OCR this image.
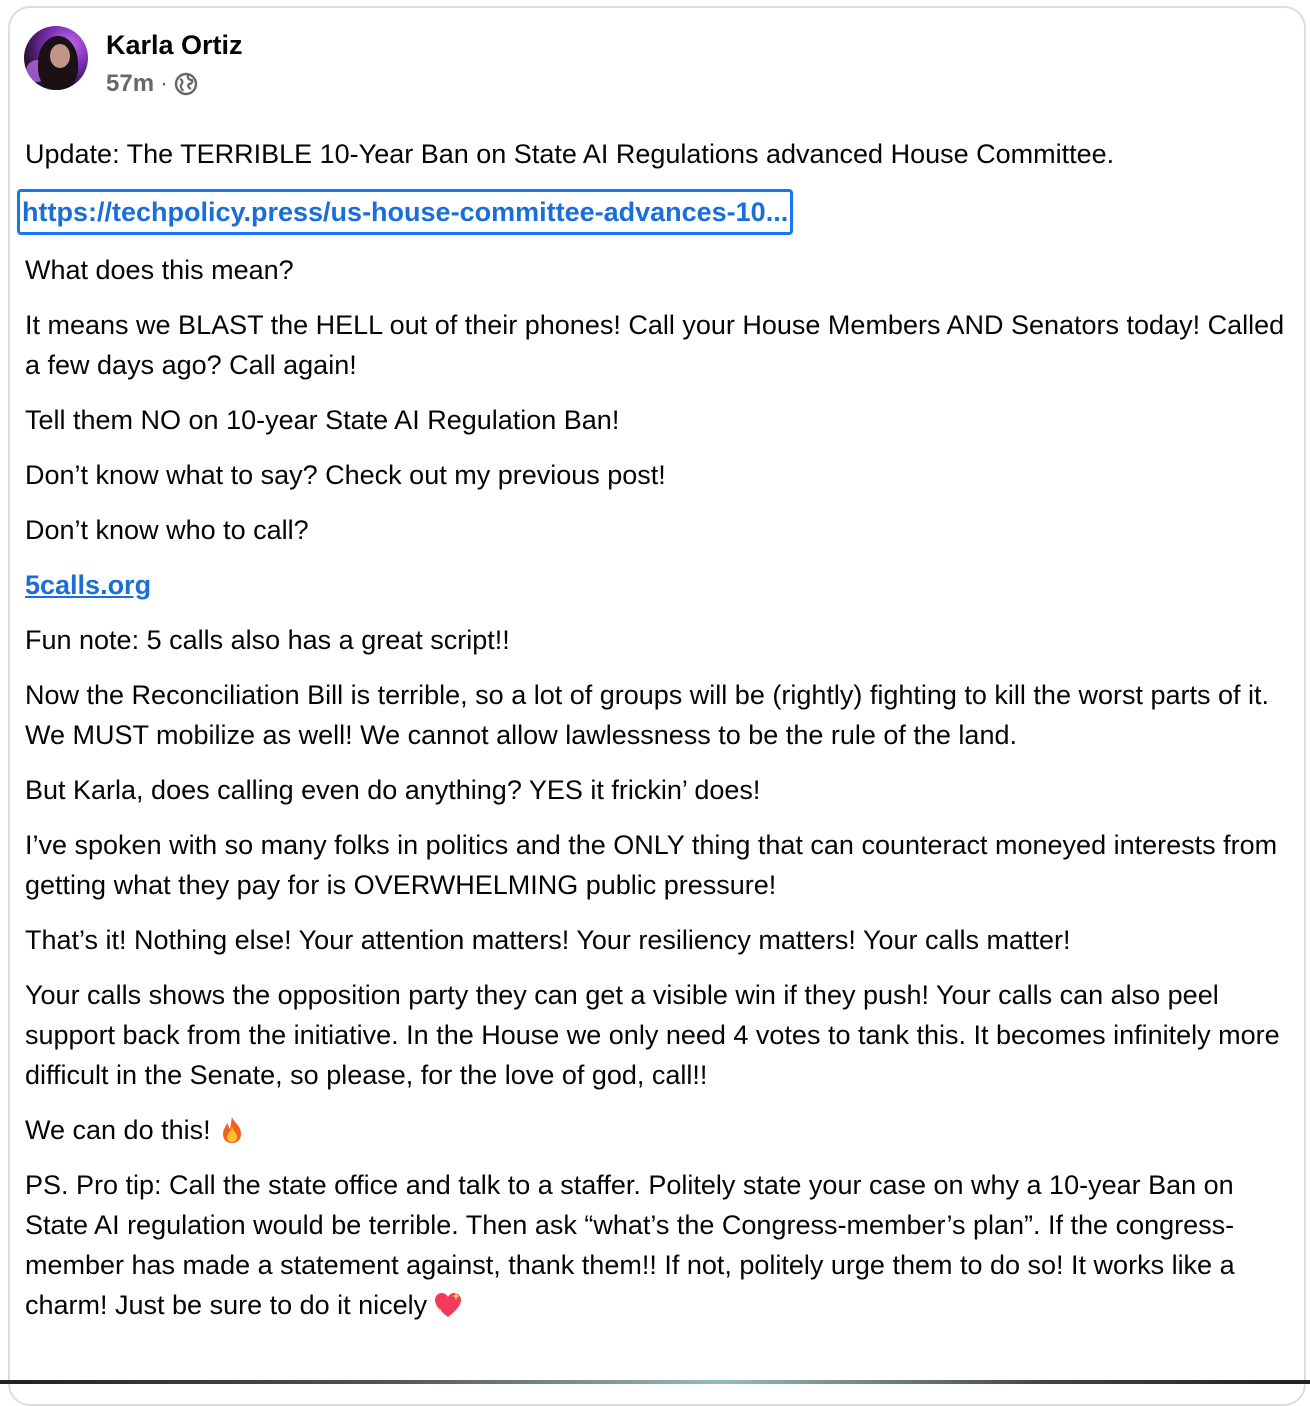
Karla Ortiz
57m ·

Update: The TERRIBLE 10-Year Ban on State AI Regulations advanced House Committee.

https://techpolicy.press/us-house-committee-advances-10...

What does this mean?

It means we BLAST the HELL out of their phones! Call your House Members AND Senators today! Called a few days ago? Call again!

Tell them NO on 10-year State AI Regulation Ban!

Don’t know what to say? Check out my previous post!

Don’t know who to call?

5calls.org

Fun note: 5 calls also has a great script!!

Now the Reconciliation Bill is terrible, so a lot of groups will be (rightly) fighting to kill the worst parts of it. We MUST mobilize as well! We cannot allow lawlessness to be the rule of the land.

But Karla, does calling even do anything? YES it frickin’ does!

I’ve spoken with so many folks in politics and the ONLY thing that can counteract moneyed interests from getting what they pay for is OVERWHELMING public pressure!

That’s it! Nothing else! Your attention matters! Your resiliency matters! Your calls matter!

Your calls shows the opposition party they can get a visible win if they push! Your calls can also peel support back from the initiative. In the House we only need 4 votes to tank this. It becomes infinitely more difficult in the Senate, so please, for the love of god, call!!

We can do this!

PS. Pro tip: Call the state office and talk to a staffer. Politely state your case on why a 10-year Ban on State AI regulation would be terrible. Then ask “what’s the Congress-member’s plan”. If the congress-member has made a statement against, thank them!! If not, politely urge them to do so! It works like a charm! Just be sure to do it nicely
